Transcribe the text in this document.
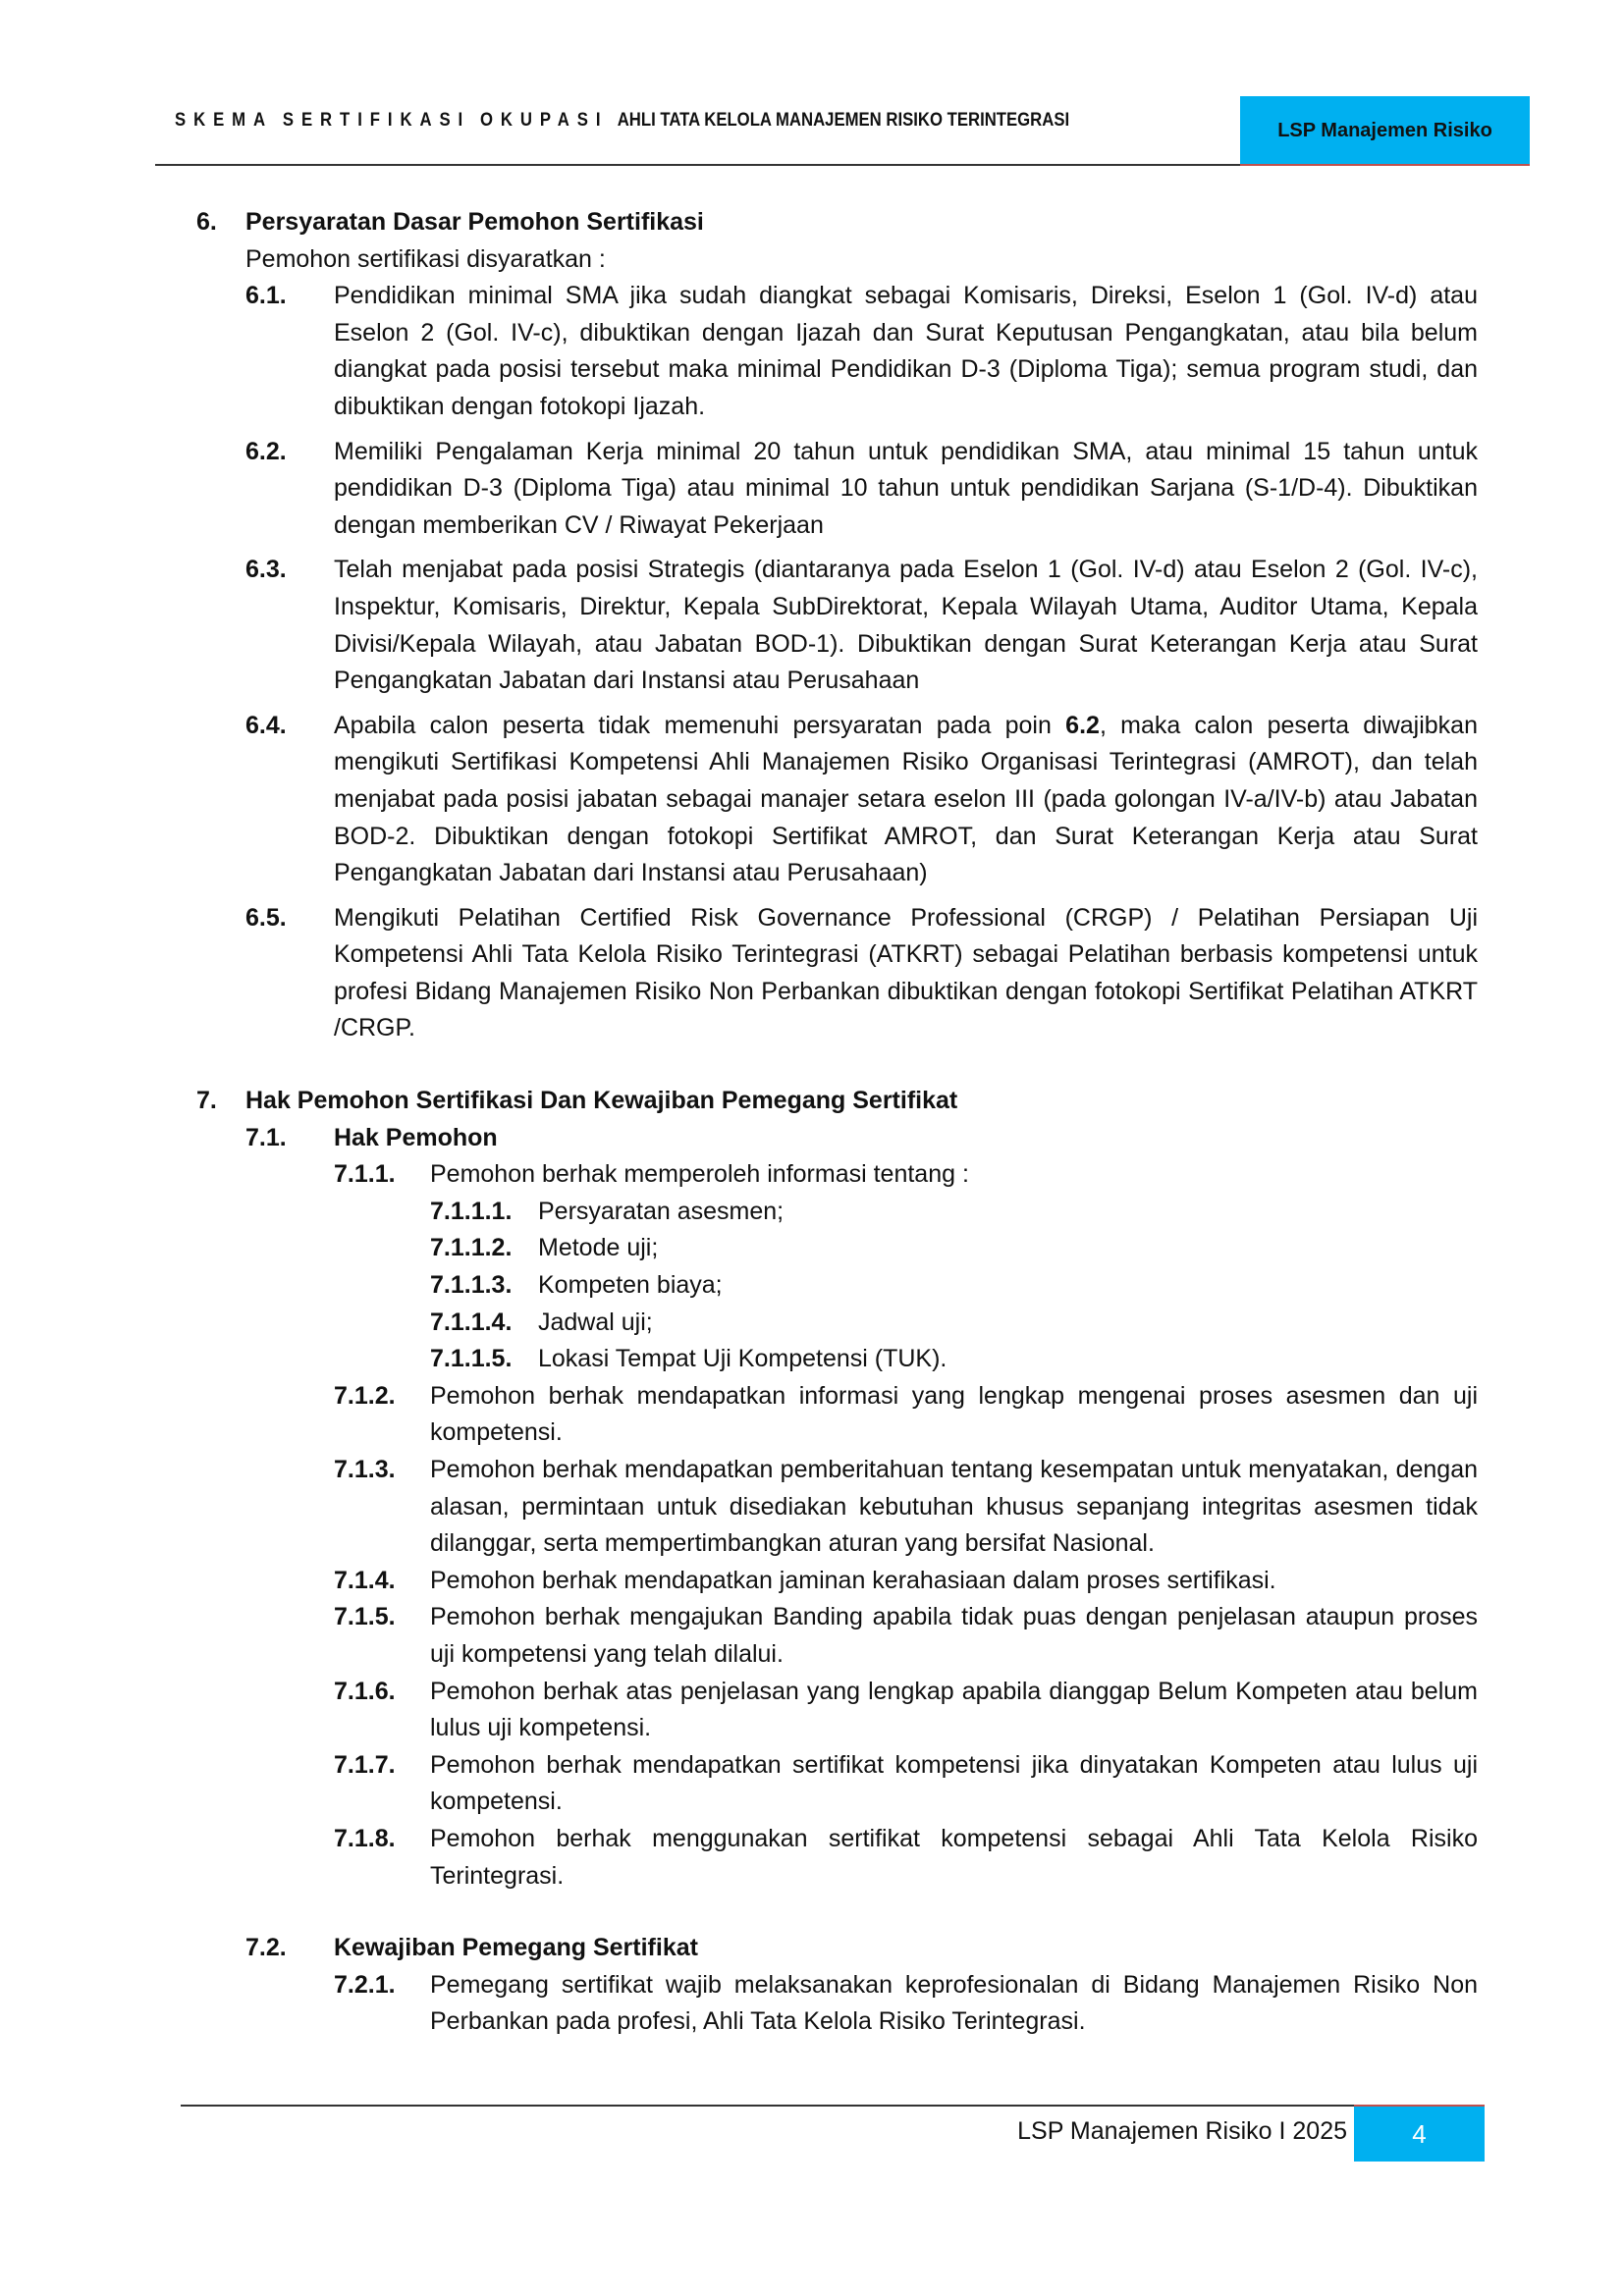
SKEMA SERTIFIKASI OKUPASI AHLI TATA KELOLA MANAJEMEN RISIKO TERINTEGRASI	LSP Manajemen Risiko
6. Persyaratan Dasar Pemohon Sertifikasi
Pemohon sertifikasi disyaratkan :
6.1. Pendidikan minimal SMA jika sudah diangkat sebagai Komisaris, Direksi, Eselon 1 (Gol. IV-d) atau Eselon 2 (Gol. IV-c), dibuktikan dengan Ijazah dan Surat Keputusan Pengangkatan, atau bila belum diangkat pada posisi tersebut maka minimal Pendidikan D-3 (Diploma Tiga); semua program studi, dan dibuktikan dengan fotokopi Ijazah.
6.2. Memiliki Pengalaman Kerja minimal 20 tahun untuk pendidikan SMA, atau minimal 15 tahun untuk pendidikan D-3 (Diploma Tiga) atau minimal 10 tahun untuk pendidikan Sarjana (S-1/D-4). Dibuktikan dengan memberikan CV / Riwayat Pekerjaan
6.3. Telah menjabat pada posisi Strategis (diantaranya pada Eselon 1 (Gol. IV-d) atau Eselon 2 (Gol. IV-c), Inspektur, Komisaris, Direktur, Kepala SubDirektorat, Kepala Wilayah Utama, Auditor Utama, Kepala Divisi/Kepala Wilayah, atau Jabatan BOD-1). Dibuktikan dengan Surat Keterangan Kerja atau Surat Pengangkatan Jabatan dari Instansi atau Perusahaan
6.4. Apabila calon peserta tidak memenuhi persyaratan pada poin 6.2, maka calon peserta diwajibkan mengikuti Sertifikasi Kompetensi Ahli Manajemen Risiko Organisasi Terintegrasi (AMROT), dan telah menjabat pada posisi jabatan sebagai manajer setara eselon III (pada golongan IV-a/IV-b) atau Jabatan BOD-2. Dibuktikan dengan fotokopi Sertifikat AMROT, dan Surat Keterangan Kerja atau Surat Pengangkatan Jabatan dari Instansi atau Perusahaan)
6.5. Mengikuti Pelatihan Certified Risk Governance Professional (CRGP) / Pelatihan Persiapan Uji Kompetensi Ahli Tata Kelola Risiko Terintegrasi (ATKRT) sebagai Pelatihan berbasis kompetensi untuk profesi Bidang Manajemen Risiko Non Perbankan dibuktikan dengan fotokopi Sertifikat Pelatihan ATKRT /CRGP.
7. Hak Pemohon Sertifikasi Dan Kewajiban Pemegang Sertifikat
7.1. Hak Pemohon
7.1.1. Pemohon berhak memperoleh informasi tentang :
7.1.1.1. Persyaratan asesmen;
7.1.1.2. Metode uji;
7.1.1.3. Kompeten biaya;
7.1.1.4. Jadwal uji;
7.1.1.5. Lokasi Tempat Uji Kompetensi (TUK).
7.1.2. Pemohon berhak mendapatkan informasi yang lengkap mengenai proses asesmen dan uji kompetensi.
7.1.3. Pemohon berhak mendapatkan pemberitahuan tentang kesempatan untuk menyatakan, dengan alasan, permintaan untuk disediakan kebutuhan khusus sepanjang integritas asesmen tidak dilanggar, serta mempertimbangkan aturan yang bersifat Nasional.
7.1.4. Pemohon berhak mendapatkan jaminan kerahasiaan dalam proses sertifikasi.
7.1.5. Pemohon berhak mengajukan Banding apabila tidak puas dengan penjelasan ataupun proses uji kompetensi yang telah dilalui.
7.1.6. Pemohon berhak atas penjelasan yang lengkap apabila dianggap Belum Kompeten atau belum lulus uji kompetensi.
7.1.7. Pemohon berhak mendapatkan sertifikat kompetensi jika dinyatakan Kompeten atau lulus uji kompetensi.
7.1.8. Pemohon berhak menggunakan sertifikat kompetensi sebagai Ahli Tata Kelola Risiko Terintegrasi.
7.2. Kewajiban Pemegang Sertifikat
7.2.1. Pemegang sertifikat wajib melaksanakan keprofesionalan di Bidang Manajemen Risiko Non Perbankan pada profesi, Ahli Tata Kelola Risiko Terintegrasi.
LSP Manajemen Risiko I 2025	4
